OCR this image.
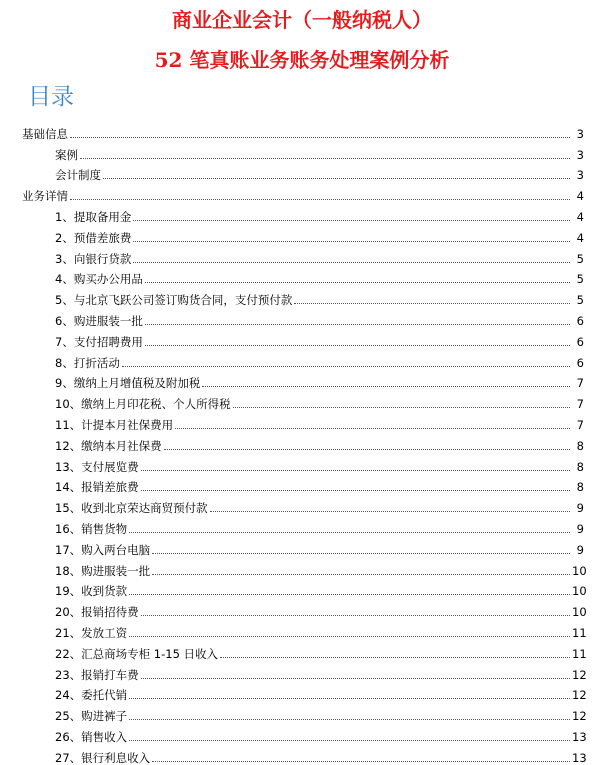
商业企业会计（一般纳税人）
52 笔真账业务账务处理案例分析
目录
基础信息	3
案例	3
会计制度	3
业务详情	4
1、提取备用金	4
2、预借差旅费	4
3、向银行贷款	5
4、购买办公用品	5
5、与北京飞跃公司签订购货合同，支付预付款	5
6、购进服装一批	6
7、支付招聘费用	6
8、打折活动	6
9、缴纳上月增值税及附加税	7
10、缴纳上月印花税、个人所得税	7
11、计提本月社保费用	7
12、缴纳本月社保费	8
13、支付展览费	8
14、报销差旅费	8
15、收到北京荣达商贸预付款	9
16、销售货物	9
17、购入两台电脑	9
18、购进服装一批	10
19、收到货款	10
20、报销招待费	10
21、发放工资	11
22、汇总商场专柜 1-15 日收入	11
23、报销打车费	12
24、委托代销	12
25、购进裤子	12
26、销售收入	13
27、银行利息收入	13
